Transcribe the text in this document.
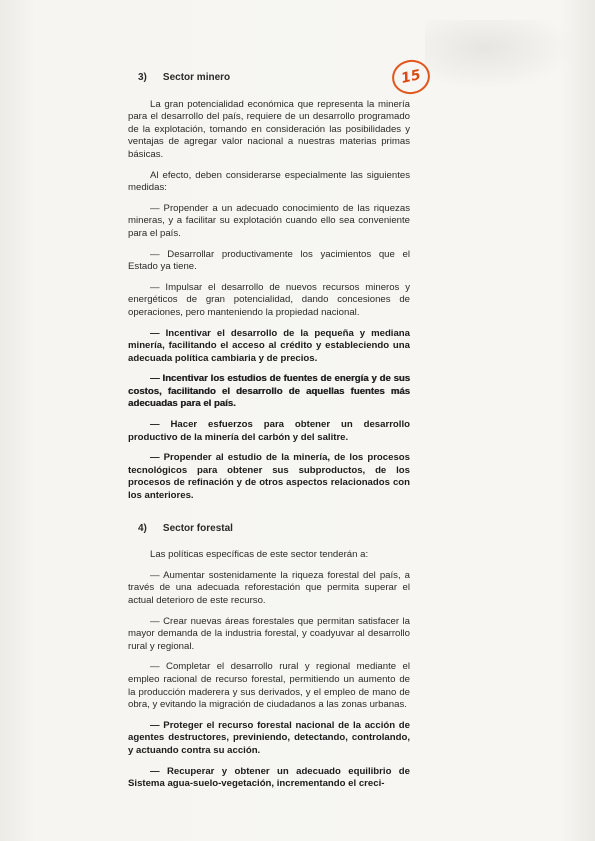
15
3) Sector minero

La gran potencialidad económica que representa la minería para el desarrollo del país, requiere de un desarrollo programado de la explotación, tomando en consideración las posibilidades y ventajas de agregar valor nacional a nuestras materias primas básicas.

Al efecto, deben considerarse especialmente las siguientes medidas:

— Propender a un adecuado conocimiento de las riquezas mineras, y a facilitar su explotación cuando ello sea conveniente para el país.

— Desarrollar productivamente los yacimientos que el Estado ya tiene.

— Impulsar el desarrollo de nuevos recursos mineros y energéticos de gran potencialidad, dando concesiones de operaciones, pero manteniendo la propiedad nacional.

— Incentivar el desarrollo de la pequeña y mediana minería, facilitando el acceso al crédito y estableciendo una adecuada política cambiaria y de precios.

— Incentivar los estudios de fuentes de energía y de sus costos, facilitando el desarrollo de aquellas fuentes más adecuadas para el país.

— Hacer esfuerzos para obtener un desarrollo productivo de la minería del carbón y del salitre.

— Propender al estudio de la minería, de los procesos tecnológicos para obtener sus subproductos, de los procesos de refinación y de otros aspectos relacionados con los anteriores.

4) Sector forestal

Las políticas específicas de este sector tenderán a:

— Aumentar sostenidamente la riqueza forestal del país, a través de una adecuada reforestación que permita superar el actual deterioro de este recurso.

— Crear nuevas áreas forestales que permitan satisfacer la mayor demanda de la industria forestal, y coadyuvar al desarrollo rural y regional.

— Completar el desarrollo rural y regional mediante el empleo racional de recurso forestal, permitiendo un aumento de la producción maderera y sus derivados, y el empleo de mano de obra, y evitando la migración de ciudadanos a las zonas urbanas.

— Proteger el recurso forestal nacional de la acción de agentes destructores, previniendo, detectando, controlando, y actuando contra su acción.

— Recuperar y obtener un adecuado equilibrio de Sistema agua-suelo-vegetación, incrementando el creci-
